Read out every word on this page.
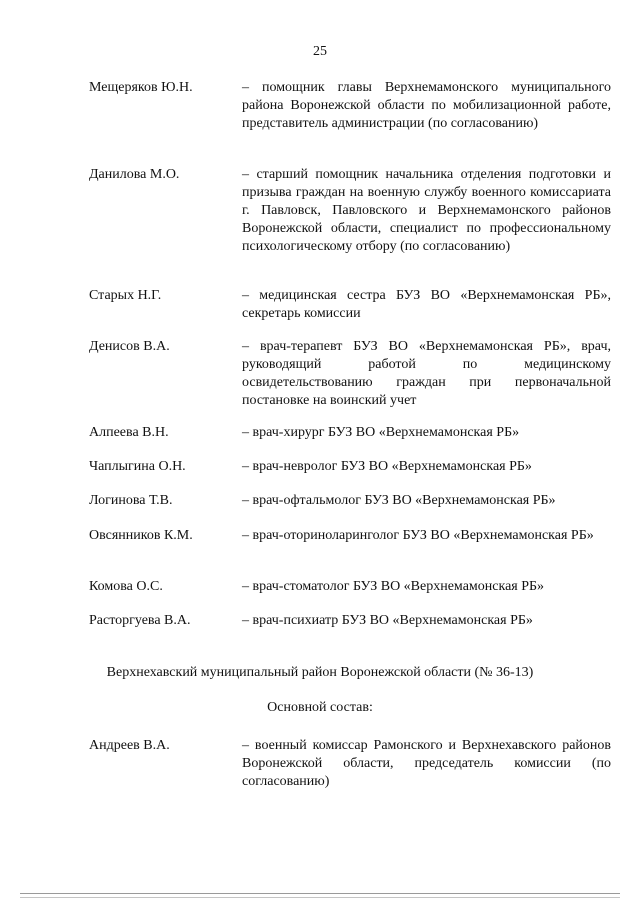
25
Мещеряков Ю.Н.	– помощник главы Верхнемамонского муниципального района Воронежской области по мобилизационной работе, представитель администрации (по согласованию)
Данилова М.О.	– старший помощник начальника отделения подготовки и призыва граждан на военную службу военного комиссариата г. Павловск, Павловского и Верхнемамонского районов Воронежской области, специалист по профессиональному психологическому отбору (по согласованию)
Старых Н.Г.	– медицинская сестра БУЗ ВО «Верхнемамонская РБ», секретарь комиссии
Денисов В.А.	– врач-терапевт БУЗ ВО «Верхнемамонская РБ», врач, руководящий работой по медицинскому освидетельствованию граждан при первоначальной постановке на воинский учет
Алпеева В.Н.	– врач-хирург БУЗ ВО «Верхнемамонская РБ»
Чаплыгина О.Н.	– врач-невролог БУЗ ВО «Верхнемамонская РБ»
Логинова Т.В.	– врач-офтальмолог БУЗ ВО «Верхнемамонская РБ»
Овсянников К.М.	– врач-оториноларинголог БУЗ ВО «Верхнемамонская РБ»
Комова О.С.	– врач-стоматолог БУЗ ВО «Верхнемамонская РБ»
Расторгуева В.А.	– врач-психиатр БУЗ ВО «Верхнемамонская РБ»
Верхнехавский муниципальный район Воронежской области (№ 36-13)
Основной состав:
Андреев В.А.	– военный комиссар Рамонского и Верхнехавского районов Воронежской области, председатель комиссии (по согласованию)
